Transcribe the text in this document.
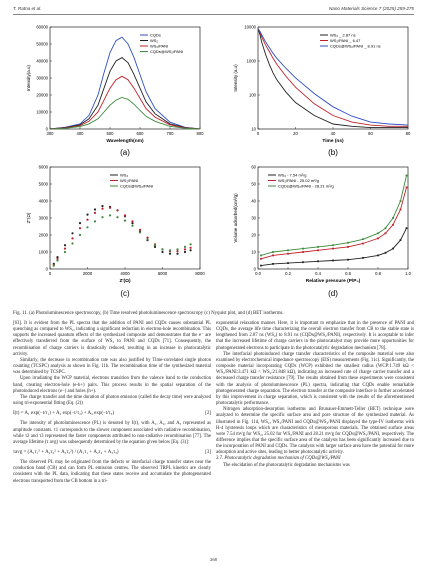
T. Ratna et al.	Nano Materials Science 7 (2025) 259-275
0
10000
20000
30000
40000
50000
60000
300	400	500	600	700	800
Intensity(a.u)
Wavelength(nm)
CQDs
WS₂
WS₂/PANI
CQDs@WS₂/PANI
(a)
10000
1000
100
10
0	20	40	60	80
Intensity (a.u)
Time (ns)
WS₂ _ 2.87 ns
WS₂/PANI _ 6.47
CQDs@WS₂/PANI _ 8.91 ns
(b)
0
1000
2000
3000
4000
5000
6000
0	2000	4000	6000	8000
Z''(Ω)
Z'(Ω)
WS₂
WS₂/PANI
CQDs@WS₂/PANI
(c)
0
10
20
30
40
50
60
0.0	0.2	0.4	0.6	0.8	1.0
Volume adsorbed(cm³/g)
Relative pressure (P/P₀)
WS₂ - 7.54 m²/g
WS₂/PANI - 25.02 m²/g
CQDs@WS₂/PANI - 28.21 m²/g
(d)
Fig. 11. (a) Photoluminescence spectroscopy, (b) Time resolved photoluminescence spectroscopy (c) Nyquist plot, and (d) BET isotherms.

[63]. It is evident from the PL spectra that the addition of PANI and CQDs causes substantial PL quenching as compared to WS₂, indicating a significant reduction in electron-hole recombination. This supports the increased quantum effects of the synthesized composite and demonstrates that the e⁻ are effectively transferred from the surface of WS₂ to PANI and CQDs [71]. Consequently, the recombination of charge carriers is drastically reduced, resulting in an increase in photocatalytic activity.

Similarly, the decrease in recombination rate was also justified by Time-correlated single photon counting (TCSPC) analysis as shown in Fig. 11b. The recombination time of the synthesized material was determined by TCSPC.

Upon irradiating the WCP material, electrons transition from the valence band to the conduction band, creating electron-hole (e-h+) pairs. This process results in the spatial separation of the photoinduced electrons (e−) and holes (h+).

The charge transfer and the time duration of photon emission (called the decay time) were analyzed using tri-exponential fitting (Eq. (2))

I(t) = A₁ exp(−t/τ₁) + A₂ exp(−t/τ₂) + A₃ exp(−t/τ₃)	[2]

The intensity of photoluminescence (PL) is denoted by I(t), with A₁, A₂, and A₃ represented as amplitude constants. τ1 corresponds to the slower component associated with radiative recombination, while τ2 and τ3 represented the faster components attributed to non-radiative recombination [77]. The average lifetime (τ avg) was subsequently determined by the equation given below [Eq. (3)]:

τavg = (A₁τ₁² + A₂τ₂² + A₃τ₃²) / (A₁τ₁ + A₂τ₂ + A₃τ₃)	[3]

The observed PL may be originated from the defects or interfacial charge transfer states near the conduction band (CB) and can form PL emission centres. The observed TRPL kinetics are clearly consistent with the PL data, indicating that these states receive and accumulate the photogenerated electrons transported from the CB bottom in a tri-

exponential relaxation manner. Here, it is important to emphasize that in the presence of PANI and CQDs, the average life time characterizing the overall electron transfer from CB to the stable state is lengthened from 2.87 ns (WS₂) to 8.91 ns (CQDs@WS₂/PANI), respectively. It is acceptable to infer that the increased lifetime of charge carriers in the photocatalyst may provide more opportunities for photogenerated electrons to participate in the photocatalytic degradation mechanism [78].

The interfacial photoinduced charge transfer characteristics of the composite material were also examined by electrochemical impedance spectroscopy (EIS) measurements (Fig. 11c). Significantly, the composite material incorporating CQDs (WCP) exhibited the smallest radius (WCP:1.749 kΩ < WS₂/PANI:3.471 kΩ < WS₂:21.848 kΩ), indicating an increased rate of charge carrier transfer and a decreased charge transfer resistance [79]. The results obtained from these experiments were consistent with the analysis of photoluminescence (PL) spectra, indicating that CQDs enable remarkable photogenerated charge separation. The electron transfer at the composite interface is further accelerated by this improvement in charge separation, which is consistent with the results of the aforementioned photocatalytic performance.

Nitrogen adsorption-desorption isotherms and Brunauer-Emmett-Teller (BET) technique were analyzed to determine the specific surface area and pore structure of the synthesized material. As illustrated in Fig. 11d, WS₂, WS₂/PANI and CQDs@WS₂/PANI displayed the type-IV isotherms with H-4 hysteresis loops which are characteristics of mesoporous materials. The obtained surface areas were 7.54 m²/g for WS₂, 25.02 for WS₂/PANI and 28.21 m²/g for CQDs@WS₂/PANI, respectively. The difference implies that the specific surface area of the catalysts has been significantly increased due to the incorporation of PANI and CQDs. The catalysts with larger surface area have the potential for more adsorption and active sites, leading to better photocatalytic activity.

3.7. Photocatalytic degradation mechanism of CQDs@WS₂/PANI

The elucidation of the photocatalytic degradation mechanisms was

268
